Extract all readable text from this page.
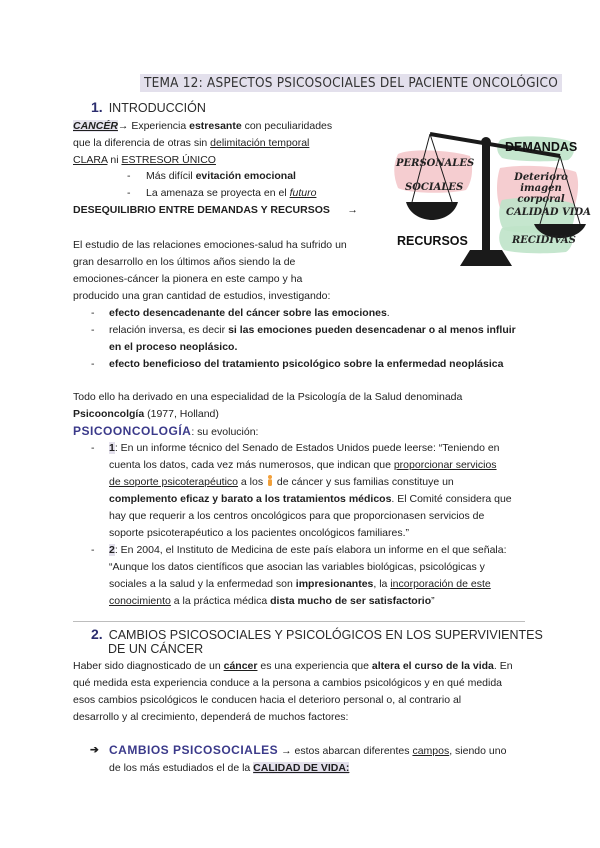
TEMA 12: ASPECTOS PSICOSOCIALES DEL PACIENTE ONCOLÓGICO
1. INTRODUCCIÓN
CANCÉR→ Experiencia estresante con peculiaridades
que la diferencia de otras sin delimitación temporal
CLARA ni ESTRESOR ÚNICO
- Más difícil evitación emocional
- La amenaza se proyecta en el futuro
DESEQUILIBRIO ENTRE DEMANDAS Y RECURSOS →
PERSONALES
SOCIALES
DEMANDAS
Deterioro imagen corporal
CALIDAD VIDA
RECURSOS	RECIDIVAS
El estudio de las relaciones emociones-salud ha sufrido un
gran desarrollo en los últimos años siendo la de
emociones-cáncer la pionera en este campo y ha
producido una gran cantidad de estudios, investigando:
- efecto desencadenante del cáncer sobre las emociones.
- relación inversa, es decir si las emociones pueden desencadenar o al menos influir
en el proceso neoplásico.
- efecto beneficioso del tratamiento psicológico sobre la enfermedad neoplásica
Todo ello ha derivado en una especialidad de la Psicología de la Salud denominada
Psicooncolgía (1977, Holland)
PSICOONCOLOGÍA: su evolución:
- 1: En un informe técnico del Senado de Estados Unidos puede leerse: “Teniendo en
cuenta los datos, cada vez más numerosos, que indican que proporcionar servicios
de soporte psicoterapéutico a los  de cáncer y sus familias constituye un
complemento eficaz y barato a los tratamientos médicos. El Comité considera que
hay que requerir a los centros oncológicos para que proporcionasen servicios de
soporte psicoterapéutico a los pacientes oncológicos familiares.”
- 2: En 2004, el Instituto de Medicina de este país elabora un informe en el que señala:
“Aunque los datos científicos que asocian las variables biológicas, psicológicas y
sociales a la salud y la enfermedad son impresionantes, la incorporación de este
conocimiento a la práctica médica dista mucho de ser satisfactorio”
2. CAMBIOS PSICOSOCIALES Y PSICOLÓGICOS EN LOS SUPERVIVIENTES
DE UN CÁNCER
Haber sido diagnosticado de un cáncer es una experiencia que altera el curso de la vida. En
qué medida esta experiencia conduce a la persona a cambios psicológicos y en qué medida
esos cambios psicológicos le conducen hacia el deterioro personal o, al contrario al
desarrollo y al crecimiento, dependerá de muchos factores:
➔ CAMBIOS PSICOSOCIALES → estos abarcan diferentes campos, siendo uno
de los más estudiados el de la CALIDAD DE VIDA:
